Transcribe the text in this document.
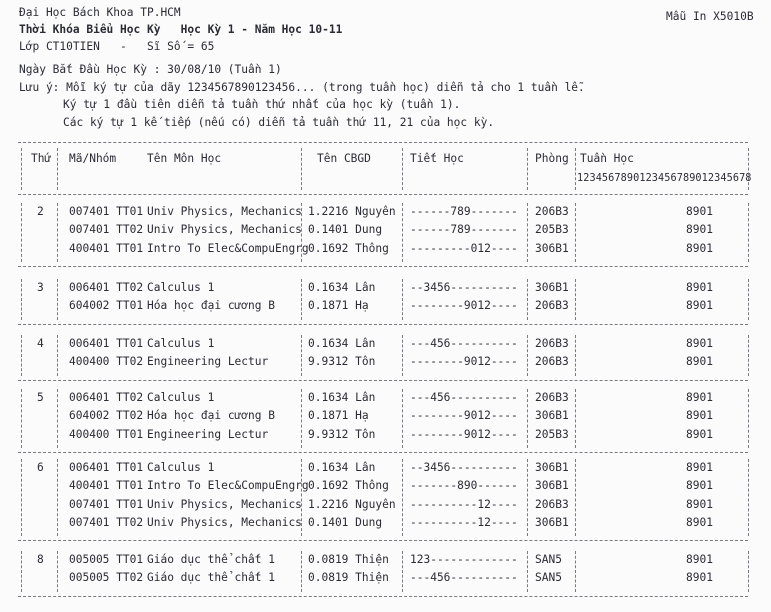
Đại Học Bách Khoa TP.HCM	Mẫu In X5010B
Thời Khóa Biểu Học Kỳ   Học Kỳ 1 - Năm Học 10-11
Lớp CT10TIEN   -   Sĩ Số = 65
Ngày Bắt Đầu Học Kỳ : 30/08/10 (Tuần 1)
Lưu ý: Mỗi ký tự của dãy 1234567890123456... (trong tuần học) diễn tả cho 1 tuần lễ.
Ký tự 1 đầu tiên diễn tả tuần thứ nhất của học kỳ (tuần 1).
Các ký tự 1 kế tiếp (nếu có) diễn tả tuần thứ 11, 21 của học kỳ.
Thứ Mã/Nhóm	Tên Môn Học	Tên CBGD	Tiết Học	Phòng Tuần Học
1234567890123456789012345678
2 007401 TT01 Univ Physics, Mechanics 1.2216 Nguyên ------789------- 206B3	8901
007401 TT02 Univ Physics, Mechanics 0.1401 Dung ------789------- 205B3	8901
400401 TT01 Intro To Elec&CompuEngrg 0.1692 Thông ---------012---- 306B1	8901
3 006401 TT02 Calculus 1	0.1634 Lân	--3456---------- 306B1	8901
604002 TT01 Hóa học đại cương B	0.1871 Hạ	--------9012---- 206B3	8901
4 006401 TT01 Calculus 1	0.1634 Lân	---456---------- 206B3	8901
400400 TT02 Engineering Lectur	9.9312 Tôn	--------9012---- 206B3	8901
5 006401 TT02 Calculus 1	0.1634 Lân	---456---------- 206B3	8901
604002 TT02 Hóa học đại cương B	0.1871 Hạ	--------9012---- 306B1	8901
400400 TT01 Engineering Lectur	9.9312 Tôn	--------9012---- 205B3	8901
6 006401 TT01 Calculus 1	0.1634 Lân	--3456---------- 306B1	8901
400401 TT01 Intro To Elec&CompuEngrg 0.1692 Thông -------890------ 306B1	8901
007401 TT01 Univ Physics, Mechanics 1.2216 Nguyên ----------12---- 206B3	8901
007401 TT02 Univ Physics, Mechanics 0.1401 Dung ----------12---- 306B1	8901
8 005005 TT01 Giáo dục thể chất 1	0.0819 Thiện 123------------- SAN5	8901
005005 TT02 Giáo dục thể chất 1	0.0819 Thiện ---456---------- SAN5	8901
